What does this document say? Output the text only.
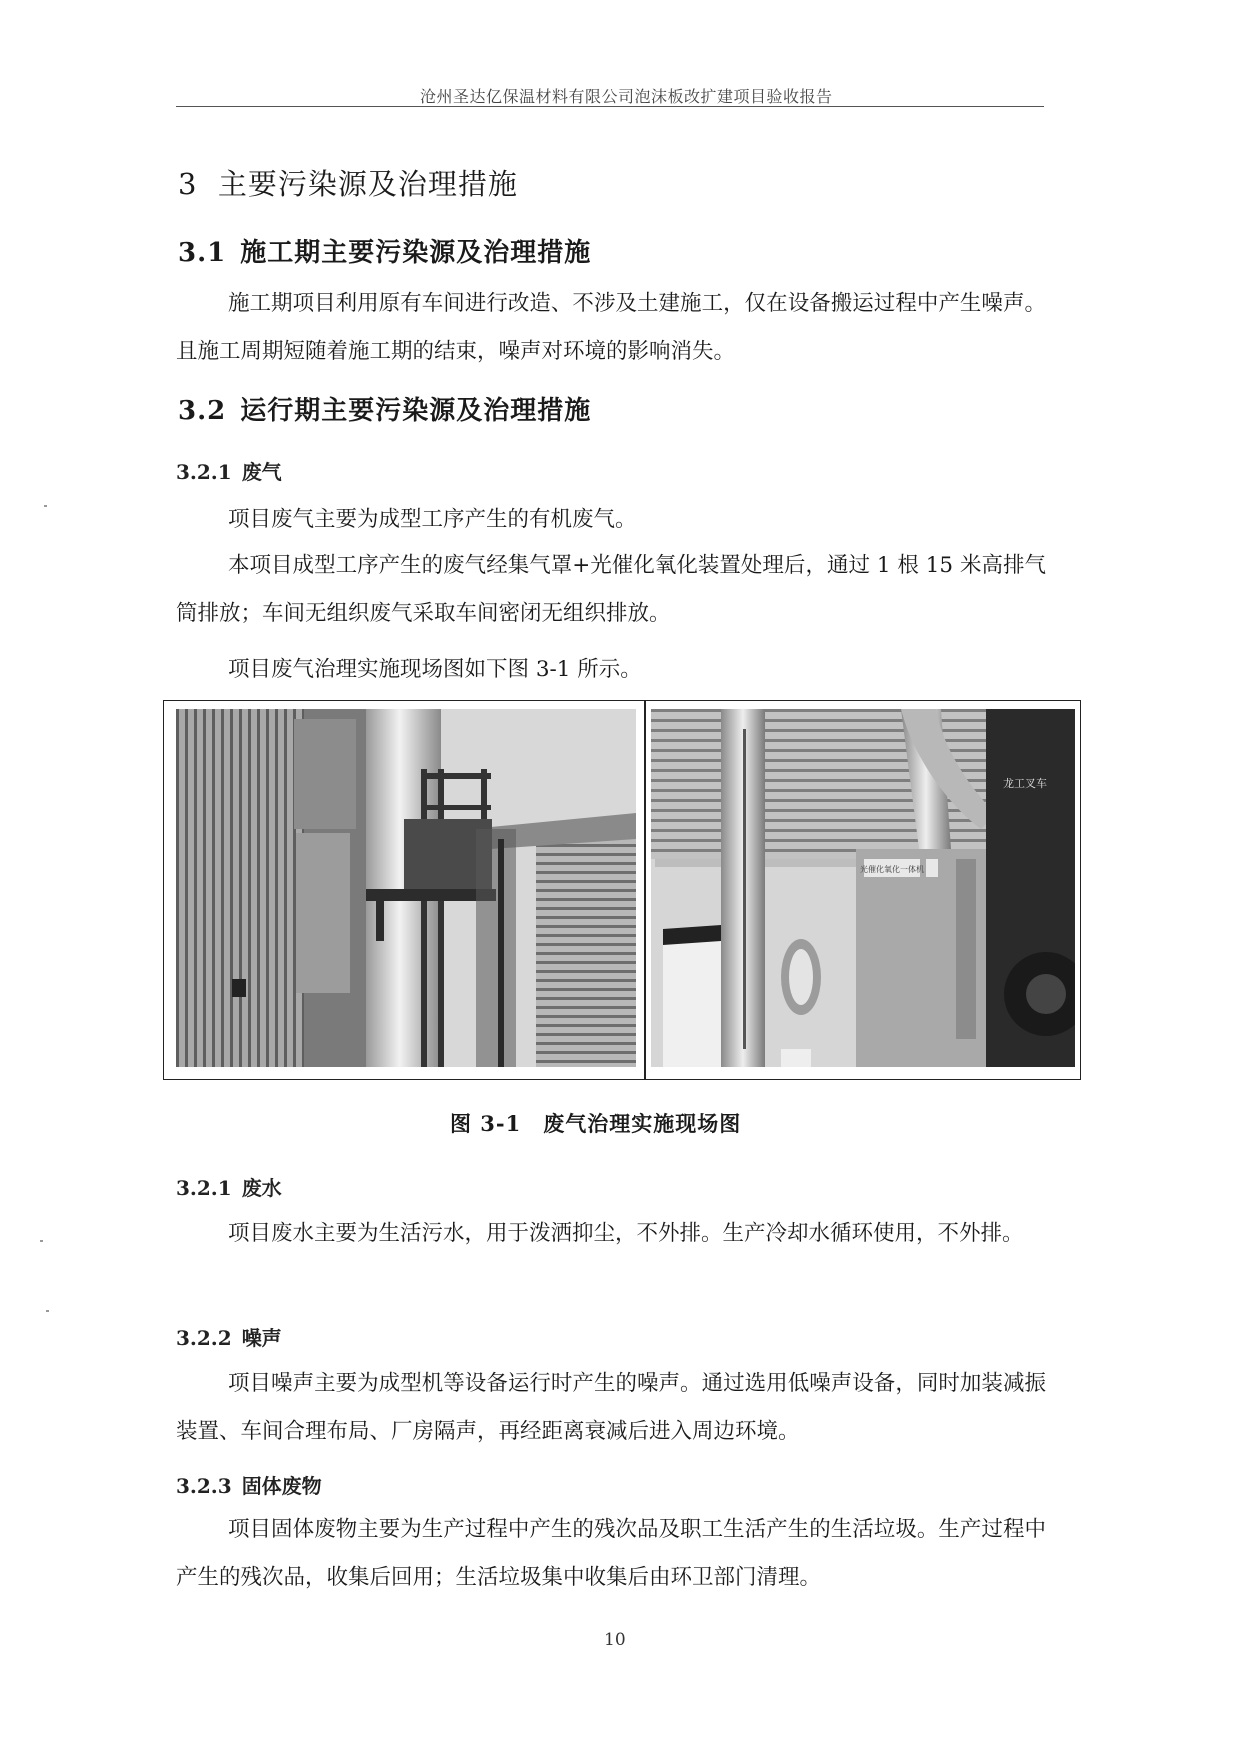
沧州圣达亿保温材料有限公司泡沫板改扩建项目验收报告
3 主要污染源及治理措施
3.1 施工期主要污染源及治理措施

施工期项目利用原有车间进行改造、不涉及土建施工，仅在设备搬运过程中产生噪声。且施工周期短随着施工期的结束，噪声对环境的影响消失。

3.2 运行期主要污染源及治理措施
3.2.1 废气

项目废气主要为成型工序产生的有机废气。

本项目成型工序产生的废气经集气罩+光催化氧化装置处理后，通过 1 根 15 米高排气筒排放；车间无组织废气采取车间密闭无组织排放。

项目废气治理实施现场图如下图 3-1 所示。

光催化氧化一体机
龙工叉车
图 3-1 废气治理实施现场图
3.2.1 废水

项目废水主要为生活污水，用于泼洒抑尘，不外排。生产冷却水循环使用，不外排。

3.2.2 噪声

项目噪声主要为成型机等设备运行时产生的噪声。通过选用低噪声设备，同时加装减振装置、车间合理布局、厂房隔声，再经距离衰减后进入周边环境。

3.2.3 固体废物

项目固体废物主要为生产过程中产生的残次品及职工生活产生的生活垃圾。生产过程中产生的残次品，收集后回用；生活垃圾集中收集后由环卫部门清理。

10
